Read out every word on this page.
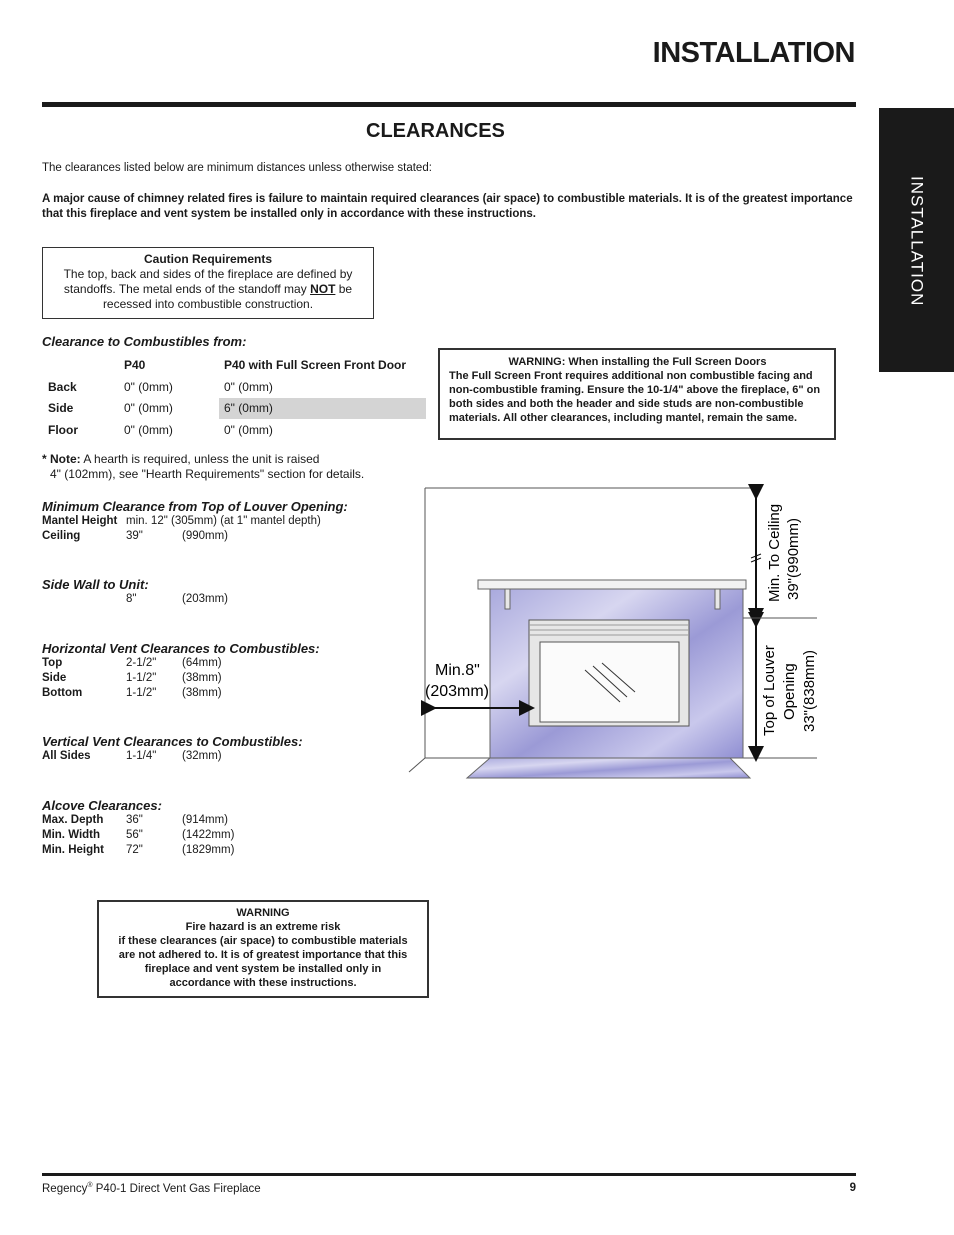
INSTALLATION
INSTALLATION
CLEARANCES
The clearances listed below are minimum distances unless otherwise stated:
A major cause of chimney related fires is failure to maintain required clearances (air space) to combustible materials. It is of the greatest importance that this fireplace and vent system be installed only in accordance with these instructions.
Caution Requirements
The top, back and sides of the fireplace are defined by standoffs. The metal ends of the standoff may NOT be recessed into combustible construction.
Clearance to Combustibles from:
P40	P40 with Full Screen Front Door
Back	0" (0mm)	0" (0mm)
Side	0" (0mm)	6" (0mm)
Floor	0" (0mm)	0" (0mm)
* Note: A hearth is required, unless the unit is raised
4" (102mm), see "Hearth Requirements" section for details.
Minimum Clearance from Top of Louver Opening:
Mantel Height min. 12" (305mm) (at 1" mantel depth)
Ceiling	39"	(990mm)
Side Wall to Unit:
8"	(203mm)
Horizontal Vent Clearances to Combustibles:
Top	2-1/2" (64mm)
Side	1-1/2" (38mm)
Bottom	1-1/2" (38mm)
Vertical Vent Clearances to Combustibles:
All Sides	1-1/4" (32mm)
Alcove Clearances:
Max. Depth 36"	(914mm)
Min. Width 56"	(1422mm)
Min. Height 72"	(1829mm)
WARNING: When installing the Full Screen Doors
The Full Screen Front requires additional non combustible facing and non-combustible framing. Ensure the 10-1/4" above the fireplace, 6" on both sides and both the header and side studs are non-combustible materials. All other clearances, including mantel, remain the same.
Min.8"
(203mm)
Min. To Ceiling 39"(990mm)
Top of Louver Opening 33"(838mm)
WARNING
Fire hazard is an extreme risk
if these clearances (air space) to combustible materials
are not adhered to. It is of greatest importance that this
fireplace and vent system be installed only in
accordance with these instructions.
Regency® P40-1 Direct Vent Gas Fireplace	9
